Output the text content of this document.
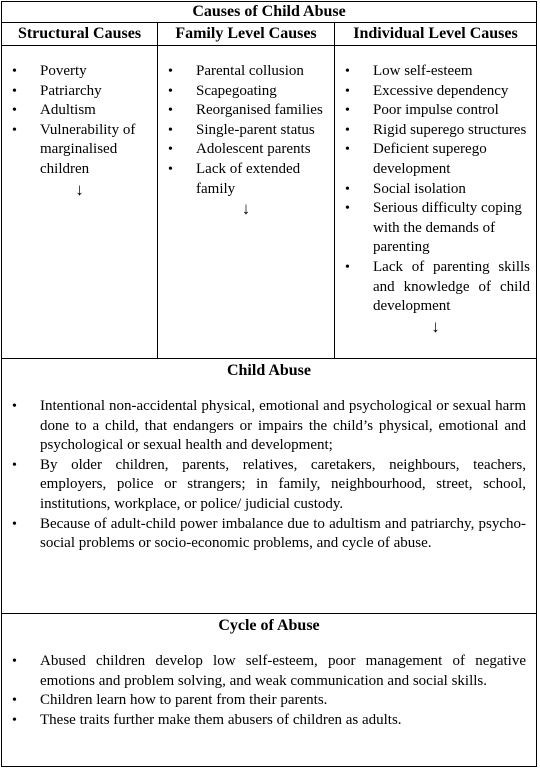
Causes of Child Abuse
Structural Causes
• Poverty
• Patriarchy
• Adultism
• Vulnerability of marginalised children
↓
Family Level Causes
• Parental collusion
• Scapegoating
• Reorganised families
• Single-parent status
• Adolescent parents
• Lack of extended family
↓
Individual Level Causes
• Low self-esteem
• Excessive dependency
• Poor impulse control
• Rigid superego structures
• Deficient superego development
• Social isolation
• Serious difficulty coping with the demands of parenting
• Lack of parenting skills and knowledge of child development
↓
Child Abuse
• Intentional non-accidental physical, emotional and psychological or sexual harm done to a child, that endangers or impairs the child’s physical, emotional and psychological or sexual health and development;
• By older children, parents, relatives, caretakers, neighbours, teachers, employers, police or strangers; in family, neighbourhood, street, school, institutions, workplace, or police/ judicial custody.
• Because of adult-child power imbalance due to adultism and patriarchy, psycho-social problems or socio-economic problems, and cycle of abuse.
Cycle of Abuse
• Abused children develop low self-esteem, poor management of negative emotions and problem solving, and weak communication and social skills.
• Children learn how to parent from their parents.
• These traits further make them abusers of children as adults.
